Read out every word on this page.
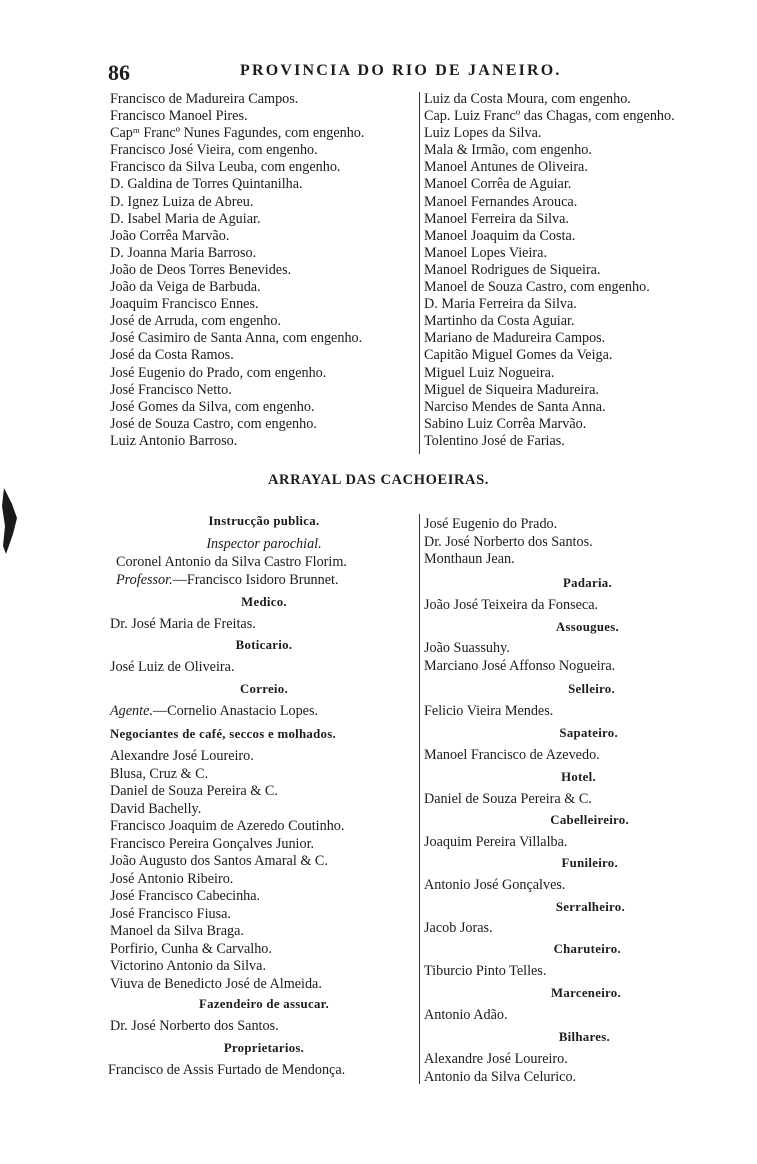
86	PROVINCIA DO RIO DE JANEIRO.
Francisco de Madureira Campos.
Francisco Manoel Pires.
Capᵐ Francº Nunes Fagundes, com engenho.
Francisco José Vieira, com engenho.
Francisco da Silva Leuba, com engenho.
D. Galdina de Torres Quintanilha.
D. Ignez Luiza de Abreu.
D. Isabel Maria de Aguiar.
João Corrêa Marvão.
D. Joanna Maria Barroso.
João de Deos Torres Benevides.
João da Veiga de Barbuda.
Joaquim Francisco Ennes.
José de Arruda, com engenho.
José Casimiro de Santa Anna, com engenho.
José da Costa Ramos.
José Eugenio do Prado, com engenho.
José Francisco Netto.
José Gomes da Silva, com engenho.
José de Souza Castro, com engenho.
Luiz Antonio Barroso.
Luiz da Costa Moura, com engenho.
Cap. Luiz Francº das Chagas, com engenho.
Luiz Lopes da Silva.
Mala & Irmão, com engenho.
Manoel Antunes de Oliveira.
Manoel Corrêa de Aguiar.
Manoel Fernandes Arouca.
Manoel Ferreira da Silva.
Manoel Joaquim da Costa.
Manoel Lopes Vieira.
Manoel Rodrigues de Siqueira.
Manoel de Souza Castro, com engenho.
D. Maria Ferreira da Silva.
Martinho da Costa Aguiar.
Mariano de Madureira Campos.
Capitão Miguel Gomes da Veiga.
Miguel Luiz Nogueira.
Miguel de Siqueira Madureira.
Narciso Mendes de Santa Anna.
Sabino Luiz Corrêa Marvão.
Tolentino José de Farias.
ARRAYAL DAS CACHOEIRAS.
Instrucção publica.
Inspector parochial.
Coronel Antonio da Silva Castro Florim.
Professor.—Francisco Isidoro Brunnet.
Medico.
Dr. José Maria de Freitas.
Boticario.
José Luiz de Oliveira.
Correio.
Agente.—Cornelio Anastacio Lopes.
Negociantes de café, seccos e molhados.
Alexandre José Loureiro.
Blusa, Cruz & C.
Daniel de Souza Pereira & C.
David Bachelly.
Francisco Joaquim de Azeredo Coutinho.
Francisco Pereira Gonçalves Junior.
João Augusto dos Santos Amaral & C.
José Antonio Ribeiro.
José Francisco Cabecinha.
José Francisco Fiusa.
Manoel da Silva Braga.
Porfirio, Cunha & Carvalho.
Victorino Antonio da Silva.
Viuva de Benedicto José de Almeida.
Fazendeiro de assucar.
Dr. José Norberto dos Santos.
Proprietarios.
Francisco de Assis Furtado de Mendonça.
José Eugenio do Prado.
Dr. José Norberto dos Santos.
Monthaun Jean.
Padaria.
João José Teixeira da Fonseca.
Assougues.
João Suassuhy.
Marciano José Affonso Nogueira.
Selleiro.
Felicio Vieira Mendes.
Sapateiro.
Manoel Francisco de Azevedo.
Hotel.
Daniel de Souza Pereira & C.
Cabelleireiro.
Joaquim Pereira Villalba.
Funileiro.
Antonio José Gonçalves.
Serralheiro.
Jacob Joras.
Charuteiro.
Tiburcio Pinto Telles.
Marceneiro.
Antonio Adão.
Bilhares.
Alexandre José Loureiro.
Antonio da Silva Celurico.
